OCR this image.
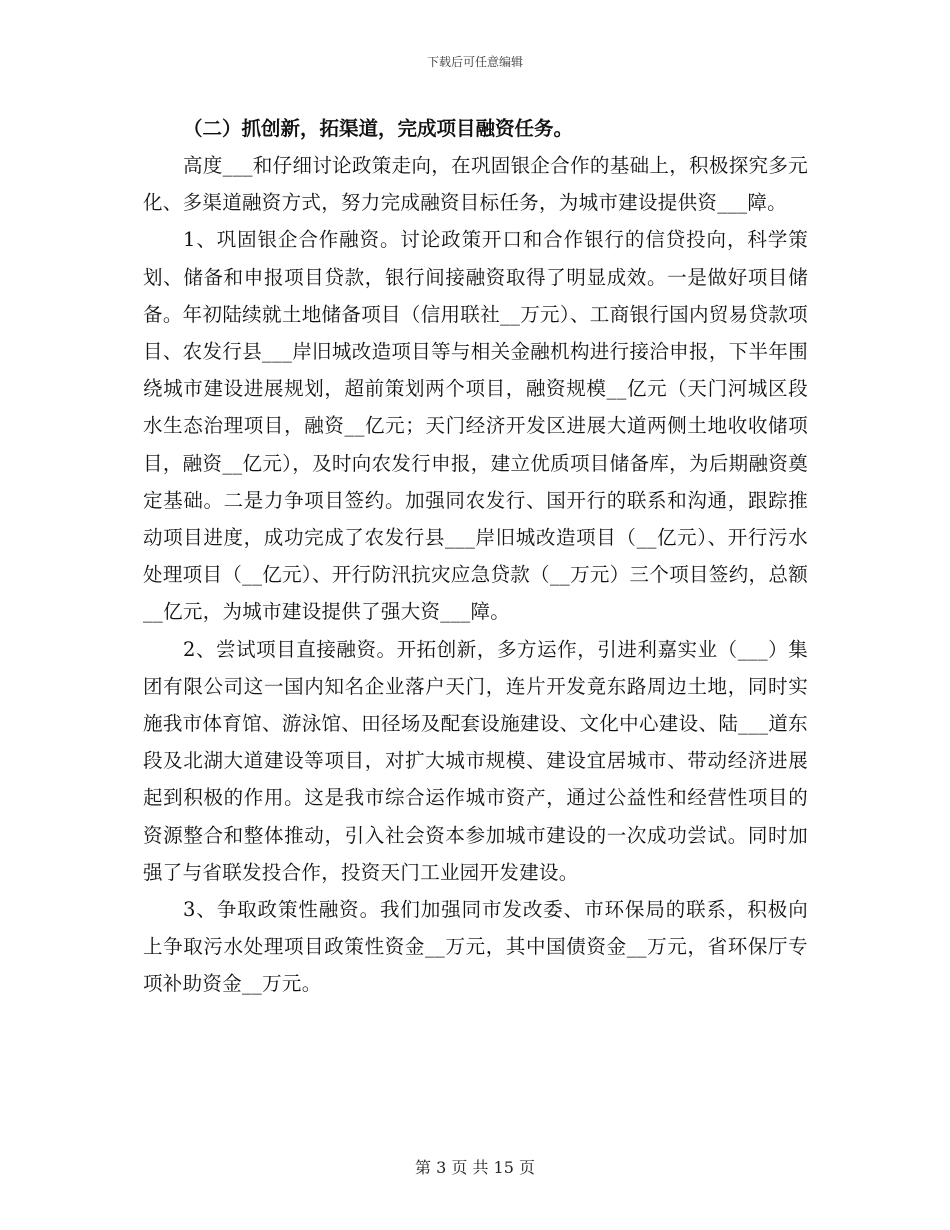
下载后可任意编辑
（二）抓创新，拓渠道，完成项目融资任务。

高度___和仔细讨论政策走向，在巩固银企合作的基础上，积极探究多元化、多渠道融资方式，努力完成融资目标任务，为城市建设提供资___障。

1、巩固银企合作融资。讨论政策开口和合作银行的信贷投向，科学策划、储备和申报项目贷款，银行间接融资取得了明显成效。一是做好项目储备。年初陆续就土地储备项目（信用联社__万元）、工商银行国内贸易贷款项目、农发行县___岸旧城改造项目等与相关金融机构进行接洽申报，下半年围绕城市建设进展规划，超前策划两个项目，融资规模__亿元（天门河城区段水生态治理项目，融资__亿元；天门经济开发区进展大道两侧土地收收储项目，融资__亿元），及时向农发行申报，建立优质项目储备库，为后期融资奠定基础。二是力争项目签约。加强同农发行、国开行的联系和沟通，跟踪推动项目进度，成功完成了农发行县___岸旧城改造项目（__亿元）、开行污水处理项目（__亿元）、开行防汛抗灾应急贷款（__万元）三个项目签约，总额__亿元，为城市建设提供了强大资___障。

2、尝试项目直接融资。开拓创新，多方运作，引进利嘉实业（___）集团有限公司这一国内知名企业落户天门，连片开发竟东路周边土地，同时实施我市体育馆、游泳馆、田径场及配套设施建设、文化中心建设、陆___道东段及北湖大道建设等项目，对扩大城市规模、建设宜居城市、带动经济进展起到积极的作用。这是我市综合运作城市资产，通过公益性和经营性项目的资源整合和整体推动，引入社会资本参加城市建设的一次成功尝试。同时加强了与省联发投合作，投资天门工业园开发建设。

3、争取政策性融资。我们加强同市发改委、市环保局的联系，积极向上争取污水处理项目政策性资金__万元，其中国债资金__万元，省环保厅专项补助资金__万元。

第 3 页 共 15 页
